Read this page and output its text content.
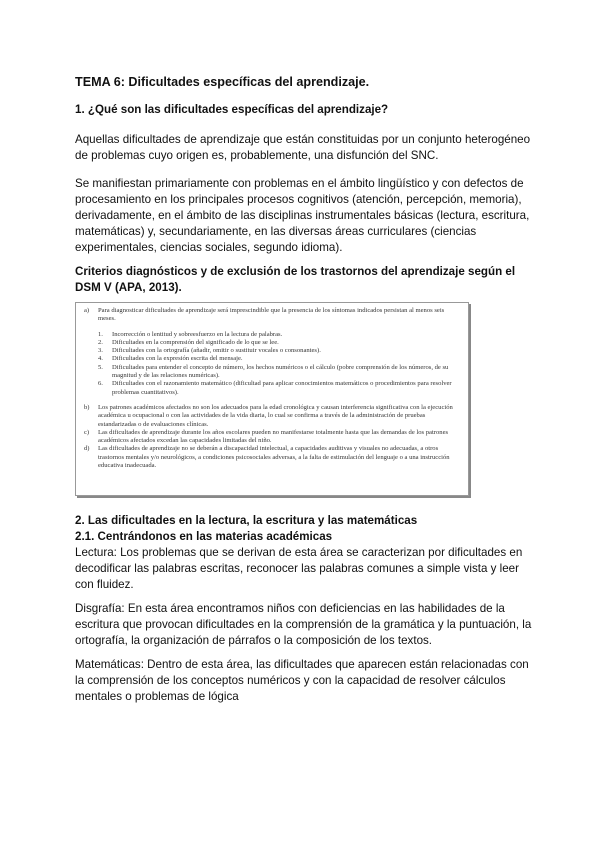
TEMA 6: Dificultades específicas del aprendizaje.
1. ¿Qué son las dificultades específicas del aprendizaje?
Aquellas dificultades de aprendizaje que están constituidas por un conjunto heterogéneo de problemas cuyo origen es, probablemente, una disfunción del SNC.
Se manifiestan primariamente con problemas en el ámbito lingüístico y con defectos de procesamiento en los principales procesos cognitivos (atención, percepción, memoria), derivadamente, en el ámbito de las disciplinas instrumentales básicas (lectura, escritura, matemáticas) y, secundariamente, en las diversas áreas curriculares (ciencias experimentales, ciencias sociales, segundo idioma).
Criterios diagnósticos y de exclusión de los trastornos del aprendizaje según el DSM V (APA, 2013).
a)	Para diagnosticar dificultades de aprendizaje será imprescindible que la presencia de los síntomas indicados persistan al menos seis meses.
1.	Incorrección o lentitud y sobreesfuerzo en la lectura de palabras.
2.	Dificultades en la comprensión del significado de lo que se lee.
3.	Dificultades con la ortografía (añadir, omitir o sustituir vocales o consonantes).
4.	Dificultades con la expresión escrita del mensaje.
5.	Dificultades para entender el concepto de número, los hechos numéricos o el cálculo (pobre comprensión de los números, de su magnitud y de las relaciones numéricas).
6.	Dificultades con el razonamiento matemático (dificultad para aplicar conocimientos matemáticos o procedimientos para resolver problemas cuantitativos).
b)	Los patrones académicos afectados no son los adecuados para la edad cronológica y causan interferencia significativa con la ejecución académica u ocupacional o con las actividades de la vida diaria, lo cual se confirma a través de la administración de pruebas estandarizadas o de evaluaciones clínicas.
c)	Las dificultades de aprendizaje durante los años escolares pueden no manifestarse totalmente hasta que las demandas de los patrones académicos afectados excedan las capacidades limitadas del niño.
d)	Las dificultades de aprendizaje no se deberán a discapacidad intelectual, a capacidades auditivas y visuales no adecuadas, a otros trastornos mentales y/o neurológicos, a condiciones psicosociales adversas, a la falta de estimulación del lenguaje o a una instrucción educativa inadecuada.
2. Las dificultades en la lectura, la escritura y las matemáticas
2.1. Centrándonos en las materias académicas
Lectura: Los problemas que se derivan de esta área se caracterizan por dificultades en decodificar las palabras escritas, reconocer las palabras comunes a simple vista y leer con fluidez.
Disgrafía: En esta área encontramos niños con deficiencias en las habilidades de la escritura que provocan dificultades en la comprensión de la gramática y la puntuación, la ortografía, la organización de párrafos o la composición de los textos.
Matemáticas: Dentro de esta área, las dificultades que aparecen están relacionadas con la comprensión de los conceptos numéricos y con la capacidad de resolver cálculos mentales o problemas de lógica
